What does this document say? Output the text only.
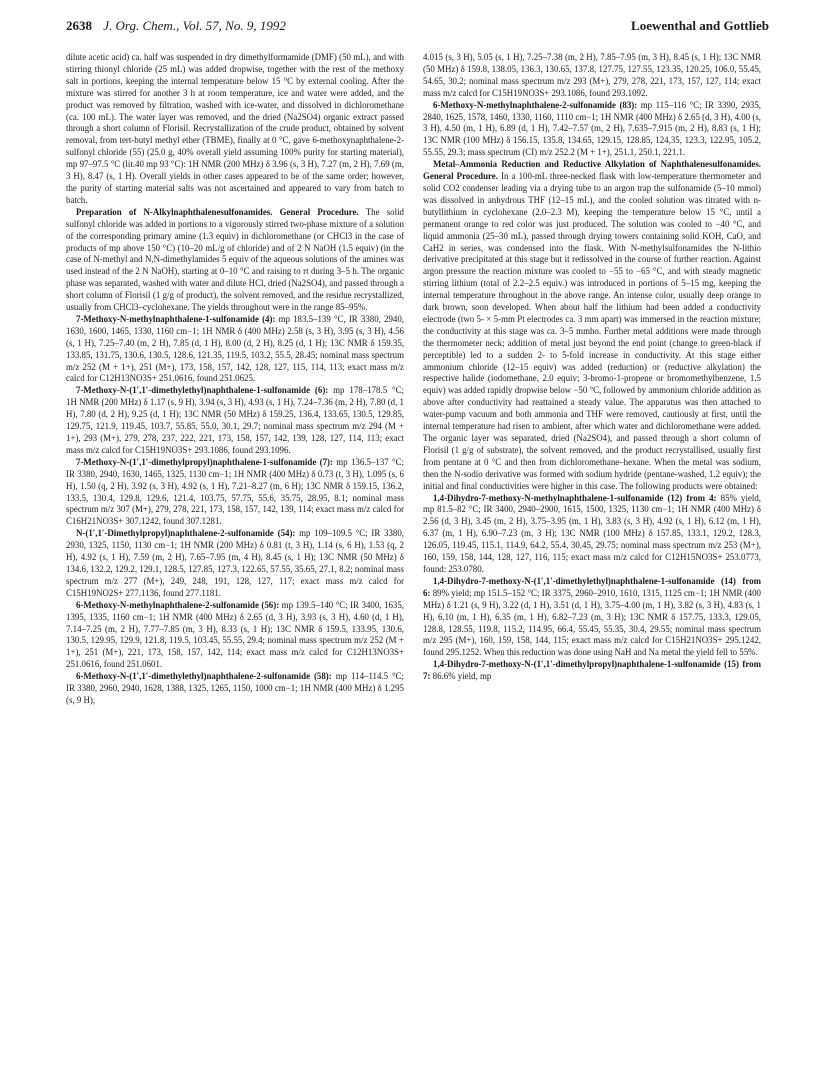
2638 J. Org. Chem., Vol. 57, No. 9, 1992	Loewenthal and Gottlieb

dilute acetic acid) ca. half was suspended in dry dimethylformamide (DMF) (50 mL), and with stirring thionyl chloride (25 mL) was added dropwise, together with the rest of the methoxy salt in portions, keeping the internal temperature below 15 °C by external cooling. After the mixture was stirred for another 3 h at room temperature, ice and water were added, and the product was removed by filtration, washed with ice-water, and dissolved in dichloromethane (ca. 100 mL). The water layer was removed, and the dried (Na2SO4) organic extract passed through a short column of Florisil. Recrystallization of the crude product, obtained by solvent removal, from tert-butyl methyl ether (TBME), finally at 0 °C, gave 6-methoxynaphthalene-2-sulfonyl chloride (55) (25.0 g, 40% overall yield assuming 100% purity for starting material), mp 97–97.5 °C (lit.40 mp 93 °C): 1H NMR (200 MHz) δ 3.96 (s, 3 H), 7.27 (m, 2 H), 7.69 (m, 3 H), 8.47 (s, 1 H). Overall yields in other cases appeared to be of the same order; however, the purity of starting material salts was not ascertained and appeared to vary from batch to batch.

Preparation of N-Alkylnaphthalenesulfonamides. General Procedure. The solid sulfonyl chloride was added in portions to a vigorously stirred two-phase mixture of a solution of the corresponding primary amine (1.3 equiv) in dichloromethane (or CHCl3 in the case of products of mp above 150 °C) (10–20 mL/g of chloride) and of 2 N NaOH (1.5 equiv) (in the case of N-methyl and N,N-dimethylamides 5 equiv of the aqueous solutions of the amines was used instead of the 2 N NaOH), starting at 0–10 °C and raising to rt during 3–5 h. The organic phase was separated, washed with water and dilute HCl, dried (Na2SO4), and passed through a short column of Florisil (1 g/g of product), the solvent removed, and the residue recrystallized, usually from CHCl3–cyclohexane. The yields throughout were in the range 85–95%.

7-Methoxy-N-methylnaphthalene-1-sulfonamide (4): mp 183.5–139 °C, IR 3380, 2940, 1630, 1600, 1465, 1330, 1160 cm−1; 1H NMR δ (400 MHz) 2.58 (s, 3 H), 3.95 (s, 3 H), 4.56 (s, 1 H), 7.25–7.40 (m, 2 H), 7.85 (d, 1 H), 8.00 (d, 2 H), 8.25 (d, 1 H); 13C NMR δ 159.35, 133.85, 131.75, 130.6, 130.5, 128.6, 121.35, 119.5, 103.2, 55.5, 28.45; nominal mass spectrum m/z 252 (M + 1+), 251 (M+), 173, 158, 157, 142, 128, 127, 115, 114, 113; exact mass m/z calcd for C12H13NO3S+ 251.0616, found 251.0625.

7-Methoxy-N-(1′,1′-dimethylethyl)naphthalene-1-sulfonamide (6): mp 178–178.5 °C; 1H NMR (200 MHz) δ 1.17 (s, 9 H), 3.94 (s, 3 H), 4.93 (s, 1 H), 7.24–7.36 (m, 2 H), 7.80 (d, 1 H), 7.80 (d, 2 H), 9.25 (d, 1 H); 13C NMR (50 MHz) δ 159.25, 136.4, 133.65, 130.5, 129.85, 129.75, 121.9, 119.45, 103.7, 55.85, 55.0, 30.1, 29.7; nominal mass spectrum m/z 294 (M + 1+), 293 (M+), 279, 278, 237, 222, 221, 173, 158, 157, 142, 139, 128, 127, 114, 113; exact mass m/z calcd for C15H19NO3S+ 293.1086, found 293.1096.

7-Methoxy-N-(1′,1′-dimethylpropyl)naphthalene-1-sulfonamide (7): mp 136.5–137 °C; IR 3380, 2940, 1630, 1465, 1325, 1130 cm−1; 1H NMR (400 MHz) δ 0.73 (t, 3 H), 1.095 (s, 6 H), 1.50 (q, 2 H), 3.92 (s, 3 H), 4.92 (s, 1 H), 7.21–8.27 (m, 6 H); 13C NMR δ 159.15, 136.2, 133.5, 130.4, 129.8, 129.6, 121.4, 103.75, 57.75, 55.6, 35.75, 28.95, 8.1; nominal mass spectrum m/z 307 (M+), 279, 278, 221, 173, 158, 157, 142, 139, 114; exact mass m/z calcd for C16H21NO3S+ 307.1242, found 307.1281.

N-(1′,1′-Dimethylpropyl)naphthalene-2-sulfonamide (54): mp 109–109.5 °C; IR 3380, 2930, 1325, 1150, 1130 cm−1; 1H NMR (200 MHz) δ 0.81 (t, 3 H), 1.14 (s, 6 H), 1.53 (q, 2 H), 4.92 (s, 1 H), 7.59 (m, 2 H), 7.65–7.95 (m, 4 H), 8.45 (s, 1 H); 13C NMR (50 MHz) δ 134.6, 132.2, 129.2, 129.1, 128.5, 127.85, 127.3, 122.65, 57.55, 35.65, 27.1, 8.2; nominal mass spectrum m/z 277 (M+), 249, 248, 191, 128, 127, 117; exact mass m/z calcd for C15H19NO2S+ 277.1136, found 277.1181.

6-Methoxy-N-methylnaphthalene-2-sulfonamide (56): mp 139.5–140 °C; IR 3400, 1635, 1395, 1335, 1160 cm−1; 1H NMR (400 MHz) δ 2.65 (d, 3 H), 3.93 (s, 3 H), 4.60 (d, 1 H), 7.14–7.25 (m, 2 H), 7.77–7.85 (m, 3 H), 8.33 (s, 1 H); 13C NMR δ 159.5, 133.95, 130.6, 130.5, 129.95, 129.9, 121.8, 119.5, 103.45, 55.55, 29.4; nominal mass spectrum m/z 252 (M + 1+), 251 (M+), 221, 173, 158, 157, 142, 114; exact mass m/z calcd for C12H13NO3S+ 251.0616, found 251.0601.

6-Methoxy-N-(1′,1′-dimethylethyl)naphthalene-2-sulfonamide (58): mp 114–114.5 °C; IR 3380, 2960, 2940, 1628, 1388, 1325, 1265, 1150, 1000 cm−1; 1H NMR (400 MHz) δ 1.295 (s, 9 H),

4.015 (s, 3 H), 5.05 (s, 1 H), 7.25–7.38 (m, 2 H), 7.85–7.95 (m, 3 H), 8.45 (s, 1 H); 13C NMR (50 MHz) δ 159.8, 138.05, 136.3, 130.65, 137.8, 127.75, 127.55, 123.35, 120.25, 106.0, 55.45, 54.65, 30.2; nominal mass spectrum m/z 293 (M+), 279, 278, 221, 173, 157, 127, 114; exact mass m/z calcd for C15H19NO3S+ 293.1086, found 293.1092.

6-Methoxy-N-methylnaphthalene-2-sulfonamide (83): mp 115–116 °C; IR 3390, 2935, 2840, 1625, 1578, 1460, 1330, 1160, 1110 cm−1; 1H NMR (400 MHz) δ 2.65 (d, 3 H), 4.00 (s, 3 H), 4.50 (m, 1 H), 6.89 (d, 1 H), 7.42–7.57 (m, 2 H), 7.635–7.915 (m, 2 H), 8.83 (s, 1 H); 13C NMR (100 MHz) δ 156.15, 135.8, 134.65, 129.15, 128.85, 124,35, 123.3, 122.95, 105.2, 55.55, 29.3; mass spectrum (CI) m/z 252.2 (M + 1+), 251.1, 250.1, 221.1.

Metal–Ammonia Reduction and Reductive Alkylation of Naphthalenesulfonamides. General Procedure. In a 100-mL three-necked flask with low-temperature thermometer and solid CO2 condenser leading via a drying tube to an argon trap the sulfonamide (5–10 mmol) was dissolved in anhydrous THF (12–15 mL), and the cooled solution was titrated with n-butyllithium in cyclohexane (2.0–2.3 M), keeping the temperature below 15 °C, until a permanent orange to red color was just produced. The solution was cooled to −40 °C, and liquid ammonia (25–30 mL), passed through drying towers containing solid KOH, CaO, and CaH2 in series, was condensed into the flask. With N-methylsulfonamides the N-lithio derivative precipitated at this stage but it redissolved in the course of further reaction. Against argon pressure the reaction mixture was cooled to −55 to −65 °C, and with steady magnetic stirring lithium (total of 2.2–2.5 equiv.) was introduced in portions of 5–15 mg, keeping the internal temperature throughout in the above range. An intense color, usually deep orange to dark brown, soon developed. When about half the lithium had been added a conductivity electrode (two 5- × 5-mm Pt electrodes ca. 3 mm apart) was immersed in the reaction mixture; the conductivity at this stage was ca. 3–5 mmho. Further metal additions were made through the thermometer neck; addition of metal just beyond the end point (change to green-black if perceptible) led to a sudden 2- to 5-fold increase in conductivity. At this stage either ammonium chloride (12–15 equiv) was added (reduction) or (reductive alkylation) the respective halide (iodomethane, 2.0 equiv; 3-bromo-1-propene or bromomethylbenzene, 1.5 equiv) was added rapidly dropwise below −50 °C, followed by ammonium chloride addition as above after conductivity had reattained a steady value. The apparatus was then attached to water-pump vacuum and both ammonia and THF were removed, cautiously at first, until the internal temperature had risen to ambient, after which water and dichloromethane were added. The organic layer was separated, dried (Na2SO4), and passed through a short column of Florisil (1 g/g of substrate), the solvent removed, and the product recrystallised, usually first from pentane at 0 °C and then from dichloromethane–hexane. When the metal was sodium, then the N-sodio derivative was formed with sodium hydride (pentane-washed, 1.2 equiv); the initial and final conductivities were higher in this case. The following products were obtained:

1,4-Dihydro-7-methoxy-N-methylnaphthalene-1-sulfonamide (12) from 4: 85% yield, mp 81.5–82 °C; IR 3400, 2940–2900, 1615, 1500, 1325, 1130 cm−1; 1H NMR (400 MHz) δ 2.56 (d, 3 H), 3.45 (m, 2 H), 3.75–3.95 (m, 1 H), 3.83 (s, 3 H), 4.92 (s, 1 H), 6.12 (m, 1 H), 6.37 (m, 1 H), 6.90–7.23 (m, 3 H); 13C NMR (100 MHz) δ 157.85, 133.1, 129.2, 128.3, 126.05, 119.45, 115.1, 114.9, 64.2, 55.4, 30.45, 29.75; nominal mass spectrum m/z 253 (M+), 160, 159, 158, 144, 128, 127, 116, 115; exact mass m/z calcd for C12H15NO3S+ 253.0773, found: 253.0780.

1,4-Dihydro-7-methoxy-N-(1′,1′-dimethylethyl)naphthalene-1-sulfonamide (14) from 6: 89% yield; mp 151.5–152 °C; IR 3375, 2960–2910, 1610, 1315, 1125 cm−1; 1H NMR (400 MHz) δ 1.21 (s, 9 H), 3.22 (d, 1 H), 3.51 (d, 1 H), 3.75–4.00 (m, 1 H), 3.82 (s, 3 H), 4.83 (s, 1 H), 6.10 (m, 1 H), 6.35 (m, 1 H), 6.82–7.23 (m, 3 H); 13C NMR δ 157.75, 133.3, 129.05, 128.8, 128.55, 119.8, 115.2, 114.95, 66.4, 55.45, 55.35, 30.4, 29.55; nominal mass spectrum m/z 295 (M+), 160, 159, 158, 144, 115; exact mass m/z calcd for C15H21NO3S+ 295.1242, found 295.1252. When this reduction was done using NaH and Na metal the yield fell to 55%.

1,4-Dihydro-7-methoxy-N-(1′,1′-dimethylpropyl)naphthalene-1-sulfonamide (15) from 7: 86.6% yield, mp
